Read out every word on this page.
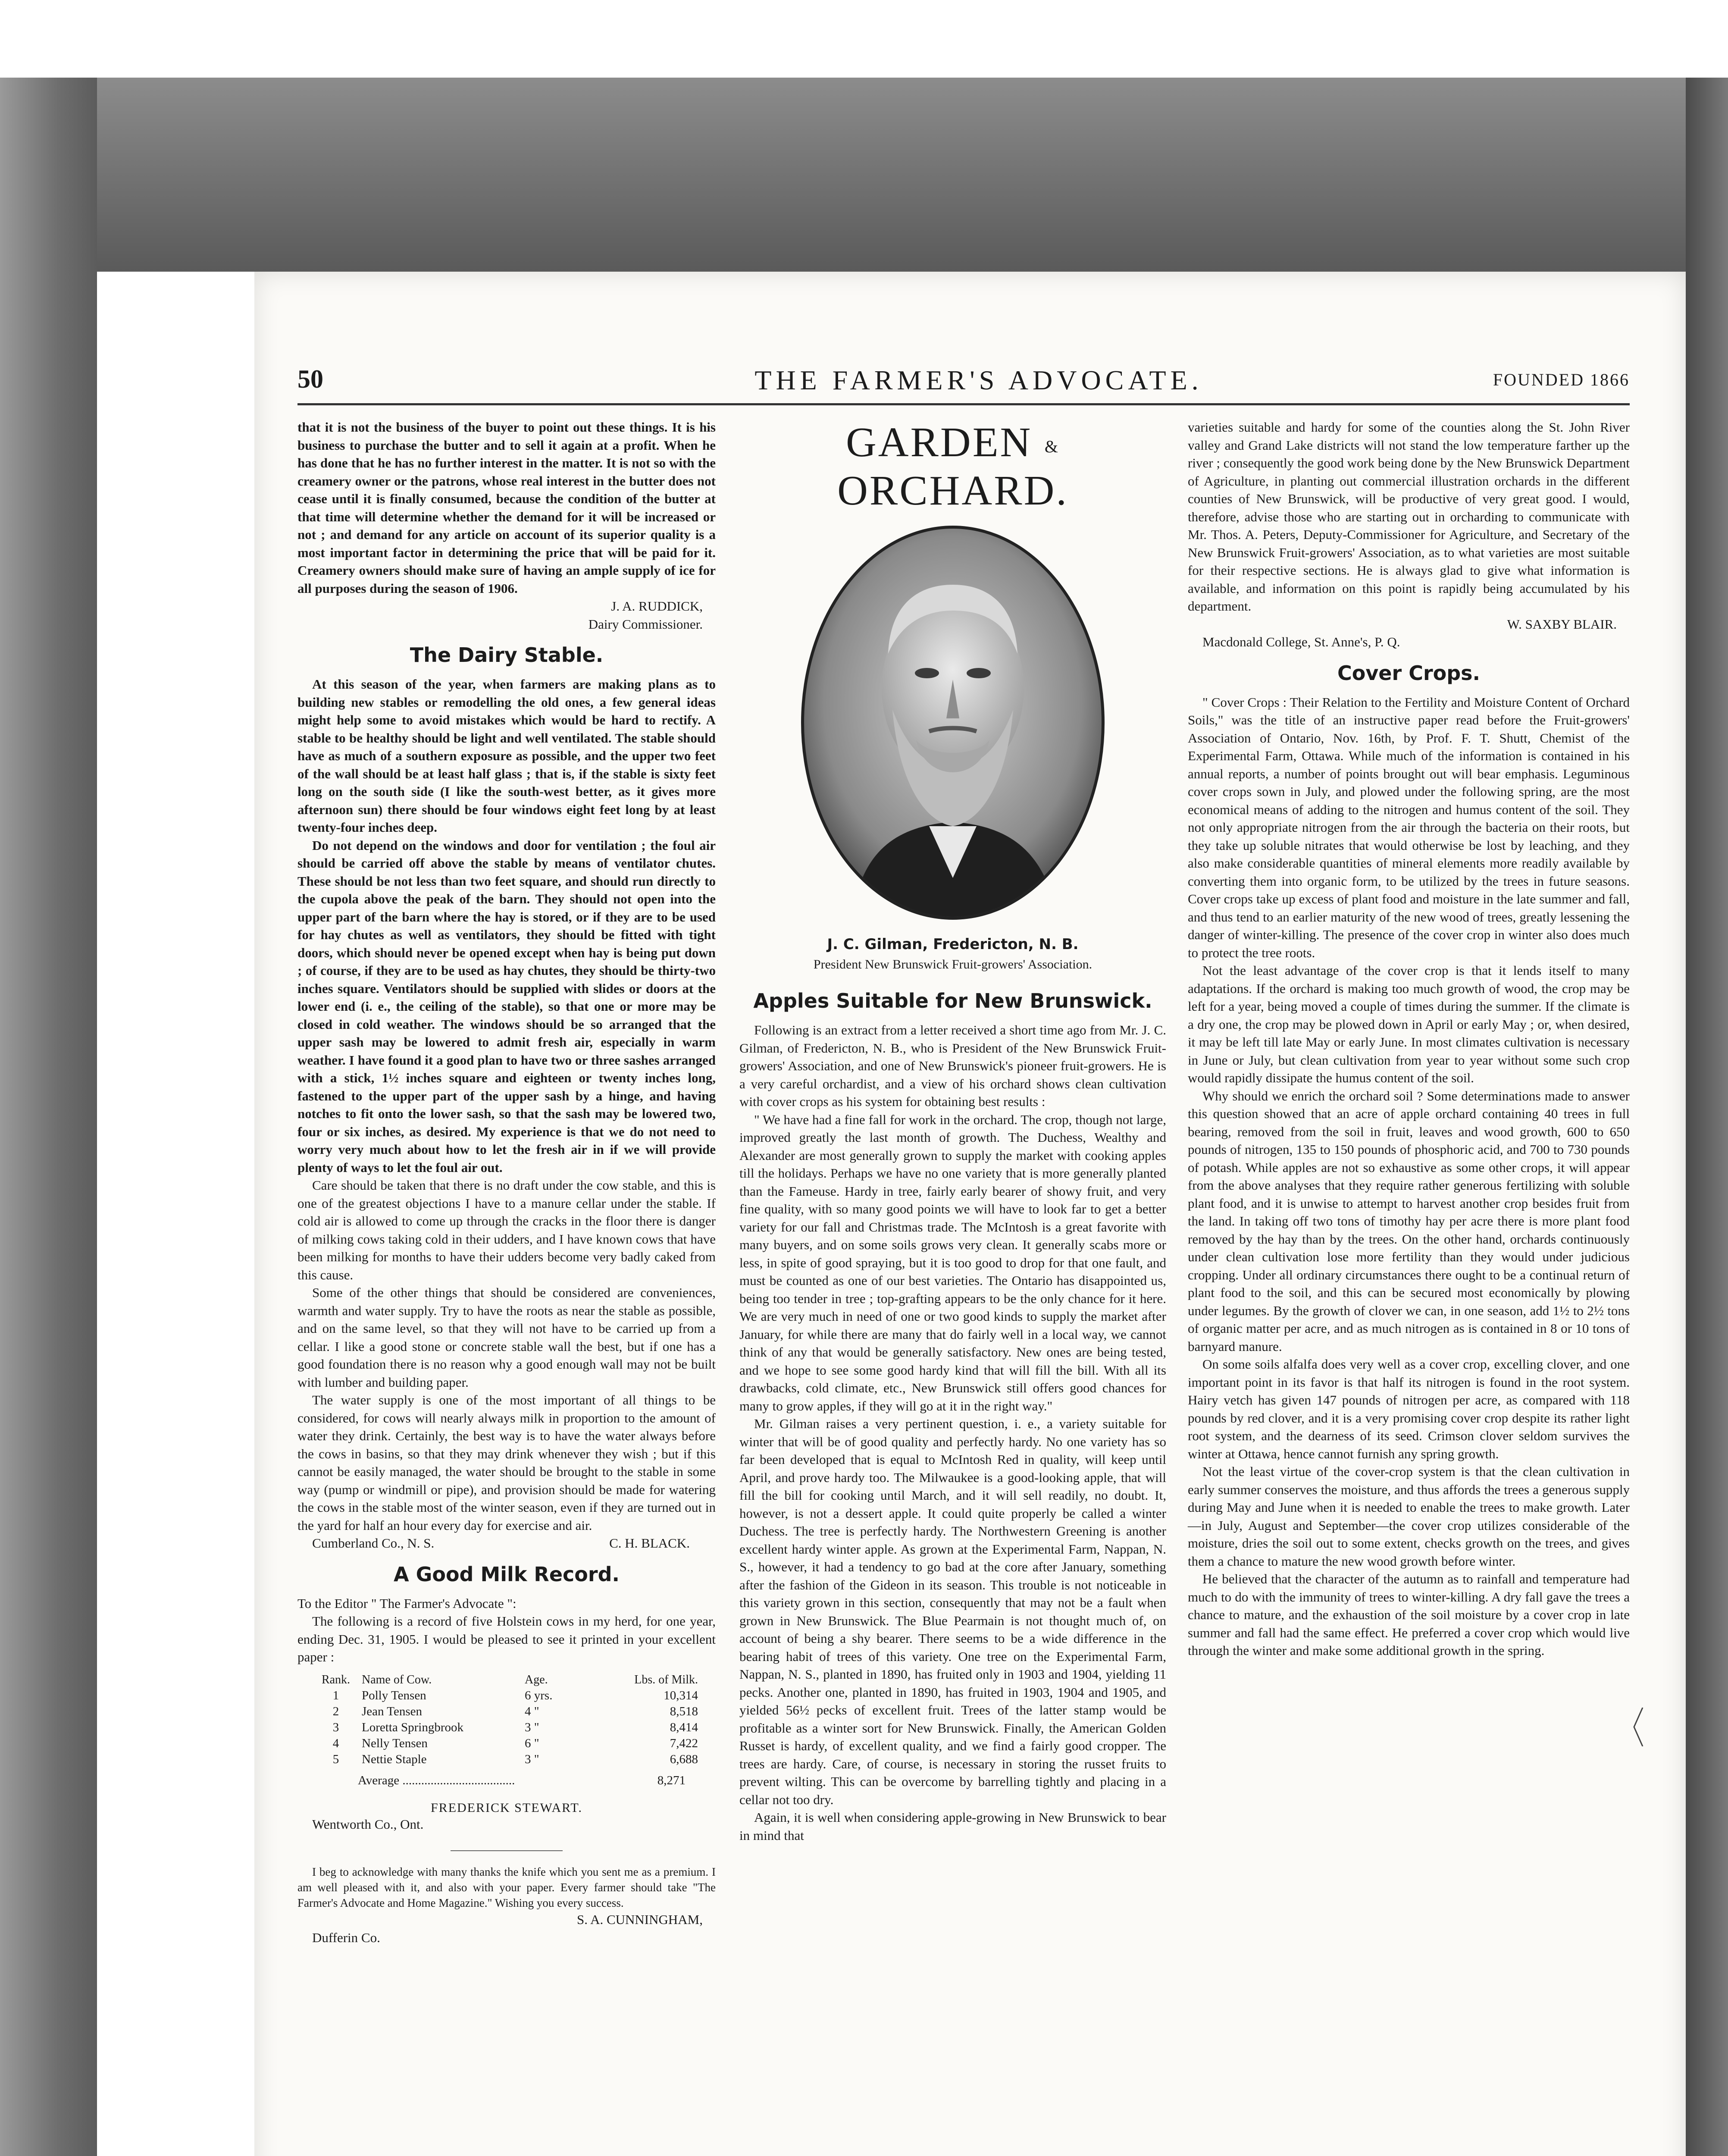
50	THE FARMER'S ADVOCATE.	FOUNDED 1866

that it is not the business of the buyer to point out these things. It is his business to purchase the butter and to sell it again at a profit. When he has done that he has no further interest in the matter. It is not so with the creamery owner or the patrons, whose real interest in the butter does not cease until it is finally consumed, because the condition of the butter at that time will determine whether the demand for it will be increased or not ; and demand for any article on account of its superior quality is a most important factor in determining the price that will be paid for it. Creamery owners should make sure of having an ample supply of ice for all purposes during the season of 1906.

J. A. RUDDICK,

Dairy Commissioner.

The Dairy Stable.

At this season of the year, when farmers are making plans as to building new stables or remodelling the old ones, a few general ideas might help some to avoid mistakes which would be hard to rectify. A stable to be healthy should be light and well ventilated. The stable should have as much of a southern exposure as possible, and the upper two feet of the wall should be at least half glass ; that is, if the stable is sixty feet long on the south side (I like the south-west better, as it gives more afternoon sun) there should be four windows eight feet long by at least twenty-four inches deep.

Do not depend on the windows and door for ventilation ; the foul air should be carried off above the stable by means of ventilator chutes. These should be not less than two feet square, and should run directly to the cupola above the peak of the barn. They should not open into the upper part of the barn where the hay is stored, or if they are to be used for hay chutes as well as ventilators, they should be fitted with tight doors, which should never be opened except when hay is being put down ; of course, if they are to be used as hay chutes, they should be thirty-two inches square. Ventilators should be supplied with slides or doors at the lower end (i. e., the ceiling of the stable), so that one or more may be closed in cold weather. The windows should be so arranged that the upper sash may be lowered to admit fresh air, especially in warm weather. I have found it a good plan to have two or three sashes arranged with a stick, 1½ inches square and eighteen or twenty inches long, fastened to the upper part of the upper sash by a hinge, and having notches to fit onto the lower sash, so that the sash may be lowered two, four or six inches, as desired. My experience is that we do not need to worry very much about how to let the fresh air in if we will provide plenty of ways to let the foul air out.

Care should be taken that there is no draft under the cow stable, and this is one of the greatest objections I have to a manure cellar under the stable. If cold air is allowed to come up through the cracks in the floor there is danger of milking cows taking cold in their udders, and I have known cows that have been milking for months to have their udders become very badly caked from this cause.

Some of the other things that should be considered are conveniences, warmth and water supply. Try to have the roots as near the stable as possible, and on the same level, so that they will not have to be carried up from a cellar. I like a good stone or concrete stable wall the best, but if one has a good foundation there is no reason why a good enough wall may not be built with lumber and building paper.

The water supply is one of the most important of all things to be considered, for cows will nearly always milk in proportion to the amount of water they drink. Certainly, the best way is to have the water always before the cows in basins, so that they may drink whenever they wish ; but if this cannot be easily managed, the water should be brought to the stable in some way (pump or windmill or pipe), and provision should be made for watering the cows in the stable most of the winter season, even if they are turned out in the yard for half an hour every day for exercise and air.

Cumberland Co., N. S.	C. H. BLACK.

A Good Milk Record.

To the Editor " The Farmer's Advocate ":

The following is a record of five Holstein cows in my herd, for one year, ending Dec. 31, 1905. I would be pleased to see it printed in your excellent paper :

Rank.	Name of Cow.	Age.	Lbs. of Milk.
1	Polly Tensen	6 yrs.	10,314
2	Jean Tensen	4 "	8,518
3	Loretta Springbrook	3 "	8,414
4	Nelly Tensen	6 "	7,422
5	Nettie Staple	3 "	6,688

Average ....................................	8,271

FREDERICK STEWART.

Wentworth Co., Ont.

I beg to acknowledge with many thanks the knife which you sent me as a premium. I am well pleased with it, and also with your paper. Every farmer should take "The Farmer's Advocate and Home Magazine." Wishing you every success.

S. A. CUNNINGHAM,

Dufferin Co.

GARDEN & ORCHARD.
J. C. Gilman, Fredericton, N. B.
President New Brunswick Fruit-growers' Association.
Apples Suitable for New Brunswick.

Following is an extract from a letter received a short time ago from Mr. J. C. Gilman, of Fredericton, N. B., who is President of the New Brunswick Fruit-growers' Association, and one of New Brunswick's pioneer fruit-growers. He is a very careful orchardist, and a view of his orchard shows clean cultivation with cover crops as his system for obtaining best results :

" We have had a fine fall for work in the orchard. The crop, though not large, improved greatly the last month of growth. The Duchess, Wealthy and Alexander are most generally grown to supply the market with cooking apples till the holidays. Perhaps we have no one variety that is more generally planted than the Fameuse. Hardy in tree, fairly early bearer of showy fruit, and very fine quality, with so many good points we will have to look far to get a better variety for our fall and Christmas trade. The McIntosh is a great favorite with many buyers, and on some soils grows very clean. It generally scabs more or less, in spite of good spraying, but it is too good to drop for that one fault, and must be counted as one of our best varieties. The Ontario has disappointed us, being too tender in tree ; top-grafting appears to be the only chance for it here. We are very much in need of one or two good kinds to supply the market after January, for while there are many that do fairly well in a local way, we cannot think of any that would be generally satisfactory. New ones are being tested, and we hope to see some good hardy kind that will fill the bill. With all its drawbacks, cold climate, etc., New Brunswick still offers good chances for many to grow apples, if they will go at it in the right way."

Mr. Gilman raises a very pertinent question, i. e., a variety suitable for winter that will be of good quality and perfectly hardy. No one variety has so far been developed that is equal to McIntosh Red in quality, will keep until April, and prove hardy too. The Milwaukee is a good-looking apple, that will fill the bill for cooking until March, and it will sell readily, no doubt. It, however, is not a dessert apple. It could quite properly be called a winter Duchess. The tree is perfectly hardy. The Northwestern Greening is another excellent hardy winter apple. As grown at the Experimental Farm, Nappan, N. S., however, it had a tendency to go bad at the core after January, something after the fashion of the Gideon in its season. This trouble is not noticeable in this variety grown in this section, consequently that may not be a fault when grown in New Brunswick. The Blue Pearmain is not thought much of, on account of being a shy bearer. There seems to be a wide difference in the bearing habit of trees of this variety. One tree on the Experimental Farm, Nappan, N. S., planted in 1890, has fruited only in 1903 and 1904, yielding 11 pecks. Another one, planted in 1890, has fruited in 1903, 1904 and 1905, and yielded 56½ pecks of excellent fruit. Trees of the latter stamp would be profitable as a winter sort for New Brunswick. Finally, the American Golden Russet is hardy, of excellent quality, and we find a fairly good cropper. The trees are hardy. Care, of course, is necessary in storing the russet fruits to prevent wilting. This can be overcome by barrelling tightly and placing in a cellar not too dry.

Again, it is well when considering apple-growing in New Brunswick to bear in mind that

varieties suitable and hardy for some of the counties along the St. John River valley and Grand Lake districts will not stand the low temperature farther up the river ; consequently the good work being done by the New Brunswick Department of Agriculture, in planting out commercial illustration orchards in the different counties of New Brunswick, will be productive of very great good. I would, therefore, advise those who are starting out in orcharding to communicate with Mr. Thos. A. Peters, Deputy-Commissioner for Agriculture, and Secretary of the New Brunswick Fruit-growers' Association, as to what varieties are most suitable for their respective sections. He is always glad to give what information is available, and information on this point is rapidly being accumulated by his department.

W. SAXBY BLAIR.

Macdonald College, St. Anne's, P. Q.

Cover Crops.

" Cover Crops : Their Relation to the Fertility and Moisture Content of Orchard Soils," was the title of an instructive paper read before the Fruit-growers' Association of Ontario, Nov. 16th, by Prof. F. T. Shutt, Chemist of the Experimental Farm, Ottawa. While much of the information is contained in his annual reports, a number of points brought out will bear emphasis. Leguminous cover crops sown in July, and plowed under the following spring, are the most economical means of adding to the nitrogen and humus content of the soil. They not only appropriate nitrogen from the air through the bacteria on their roots, but they take up soluble nitrates that would otherwise be lost by leaching, and they also make considerable quantities of mineral elements more readily available by converting them into organic form, to be utilized by the trees in future seasons. Cover crops take up excess of plant food and moisture in the late summer and fall, and thus tend to an earlier maturity of the new wood of trees, greatly lessening the danger of winter-killing. The presence of the cover crop in winter also does much to protect the tree roots.

Not the least advantage of the cover crop is that it lends itself to many adaptations. If the orchard is making too much growth of wood, the crop may be left for a year, being moved a couple of times during the summer. If the climate is a dry one, the crop may be plowed down in April or early May ; or, when desired, it may be left till late May or early June. In most climates cultivation is necessary in June or July, but clean cultivation from year to year without some such crop would rapidly dissipate the humus content of the soil.

Why should we enrich the orchard soil ? Some determinations made to answer this question showed that an acre of apple orchard containing 40 trees in full bearing, removed from the soil in fruit, leaves and wood growth, 600 to 650 pounds of nitrogen, 135 to 150 pounds of phosphoric acid, and 700 to 730 pounds of potash. While apples are not so exhaustive as some other crops, it will appear from the above analyses that they require rather generous fertilizing with soluble plant food, and it is unwise to attempt to harvest another crop besides fruit from the land. In taking off two tons of timothy hay per acre there is more plant food removed by the hay than by the trees. On the other hand, orchards continuously under clean cultivation lose more fertility than they would under judicious cropping. Under all ordinary circumstances there ought to be a continual return of plant food to the soil, and this can be secured most economically by plowing under legumes. By the growth of clover we can, in one season, add 1½ to 2½ tons of organic matter per acre, and as much nitrogen as is contained in 8 or 10 tons of barnyard manure.

On some soils alfalfa does very well as a cover crop, excelling clover, and one important point in its favor is that half its nitrogen is found in the root system. Hairy vetch has given 147 pounds of nitrogen per acre, as compared with 118 pounds by red clover, and it is a very promising cover crop despite its rather light root system, and the dearness of its seed. Crimson clover seldom survives the winter at Ottawa, hence cannot furnish any spring growth.

Not the least virtue of the cover-crop system is that the clean cultivation in early summer conserves the moisture, and thus affords the trees a generous supply during May and June when it is needed to enable the trees to make growth. Later—in July, August and September—the cover crop utilizes considerable of the moisture, dries the soil out to some extent, checks growth on the trees, and gives them a chance to mature the new wood growth before winter.

He believed that the character of the autumn as to rainfall and temperature had much to do with the immunity of trees to winter-killing. A dry fall gave the trees a chance to mature, and the exhaustion of the soil moisture by a cover crop in late summer and fall had the same effect. He preferred a cover crop which would live through the winter and make some additional growth in the spring.
